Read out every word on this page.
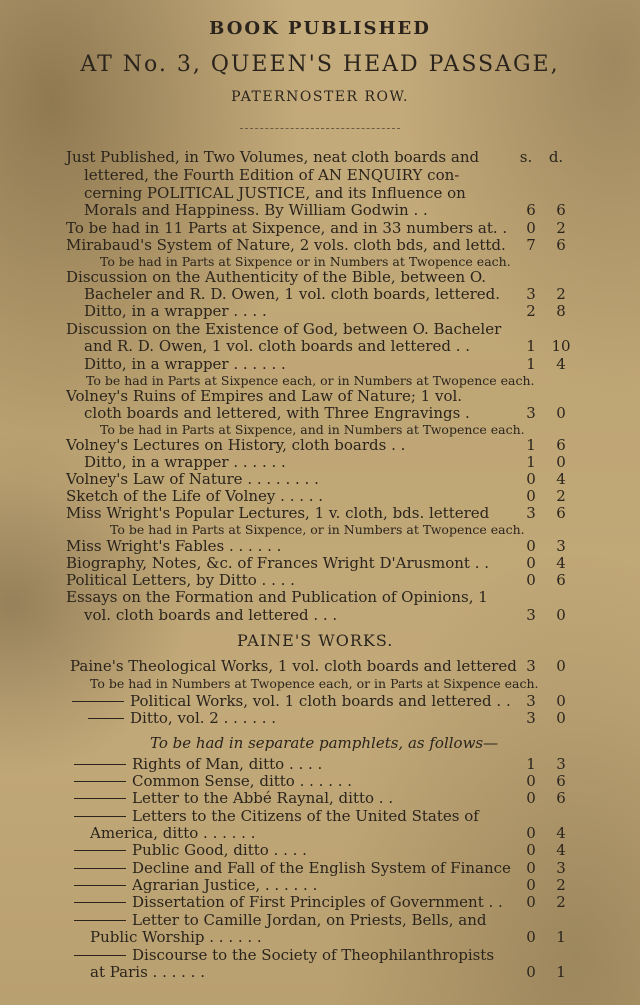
BOOK PUBLISHED
AT No. 3, QUEEN'S HEAD PASSAGE,
PATERNOSTER ROW.
s. d.
Just Published, in Two Volumes, neat cloth boards and
lettered, the Fourth Edition of AN ENQUIRY con-
cerning POLITICAL JUSTICE, and its Influence on
Morals and Happiness. By William Godwin . .	6 6
To be had in 11 Parts at Sixpence, and in 33 numbers at. . 0 2
Mirabaud's System of Nature, 2 vols. cloth bds, and lettd. 7 6
To be had in Parts at Sixpence or in Numbers at Twopence each.
Discussion on the Authenticity of the Bible, between O.
Bacheler and R. D. Owen, 1 vol. cloth boards, lettered. 3 2
Ditto, in a wrapper . . . .	2 8
Discussion on the Existence of God, between O. Bacheler
and R. D. Owen, 1 vol. cloth boards and lettered . .	1 10
Ditto, in a wrapper . . . . . .	1 4
To be had in Parts at Sixpence each, or in Numbers at Twopence each.
Volney's Ruins of Empires and Law of Nature; 1 vol.
cloth boards and lettered, with Three Engravings .	3 0
To be had in Parts at Sixpence, and in Numbers at Twopence each.
Volney's Lectures on History, cloth boards . .	1 6
Ditto, in a wrapper . . . . . .	1 0
Volney's Law of Nature . . . . . . . .	0 4
Sketch of the Life of Volney . . . . .	0 2
Miss Wright's Popular Lectures, 1 v. cloth, bds. lettered 3 6
To be had in Parts at Sixpence, or in Numbers at Twopence each.
Miss Wright's Fables . . . . . .	0 3
Biography, Notes, &c. of Frances Wright D'Arusmont . . 0 4
Political Letters, by Ditto . . . .	0 6
Essays on the Formation and Publication of Opinions, 1
vol. cloth boards and lettered . . .	3 0
PAINE'S WORKS.
Paine's Theological Works, 1 vol. cloth boards and lettered 3 0
To be had in Numbers at Twopence each, or in Parts at Sixpence each.
Political Works, vol. 1 cloth boards and lettered . . 3 0
Ditto, vol. 2 . . . . . .	3 0
To be had in separate pamphlets, as follows—
Rights of Man, ditto . . . .	1 3
Common Sense, ditto . . . . . .	0 6
Letter to the Abbé Raynal, ditto . .	0 6
Letters to the Citizens of the United States of
America, ditto . . . . . .	0 4
Public Good, ditto . . . .	0 4
Decline and Fall of the English System of Finance 0 3
Agrarian Justice, . . . . . .	0 2
Dissertation of First Principles of Government . . 0 2
Letter to Camille Jordan, on Priests, Bells, and
Public Worship . . . . . .	0 1
Discourse to the Society of Theophilanthropists
at Paris . . . . . .	0 1
